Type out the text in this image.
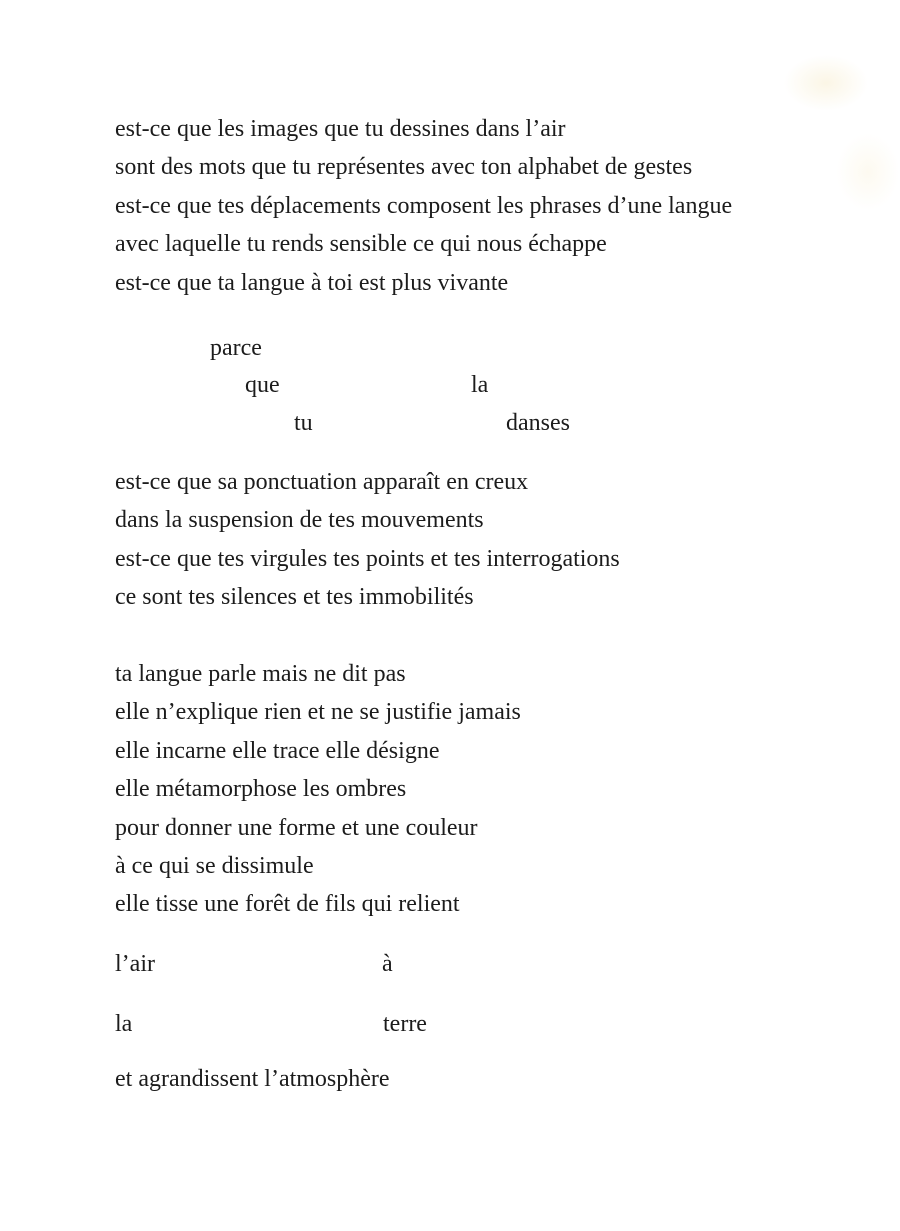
est-ce que les images que tu dessines dans l’air
sont des mots que tu représentes avec ton alphabet de gestes
est-ce que tes déplacements composent les phrases d’une langue
avec laquelle tu rends sensible ce qui nous échappe
est-ce que ta langue à toi est plus vivante
parce
que	la
tu	danses
est-ce que sa ponctuation apparaît en creux
dans la suspension de tes mouvements
est-ce que tes virgules tes points et tes interrogations
ce sont tes silences et tes immobilités
ta langue parle mais ne dit pas
elle n’explique rien et ne se justifie jamais
elle incarne elle trace elle désigne
elle métamorphose les ombres
pour donner une forme et une couleur
à ce qui se dissimule
elle tisse une forêt de fils qui relient
l’air	à
la	terre
et agrandissent l’atmosphère
